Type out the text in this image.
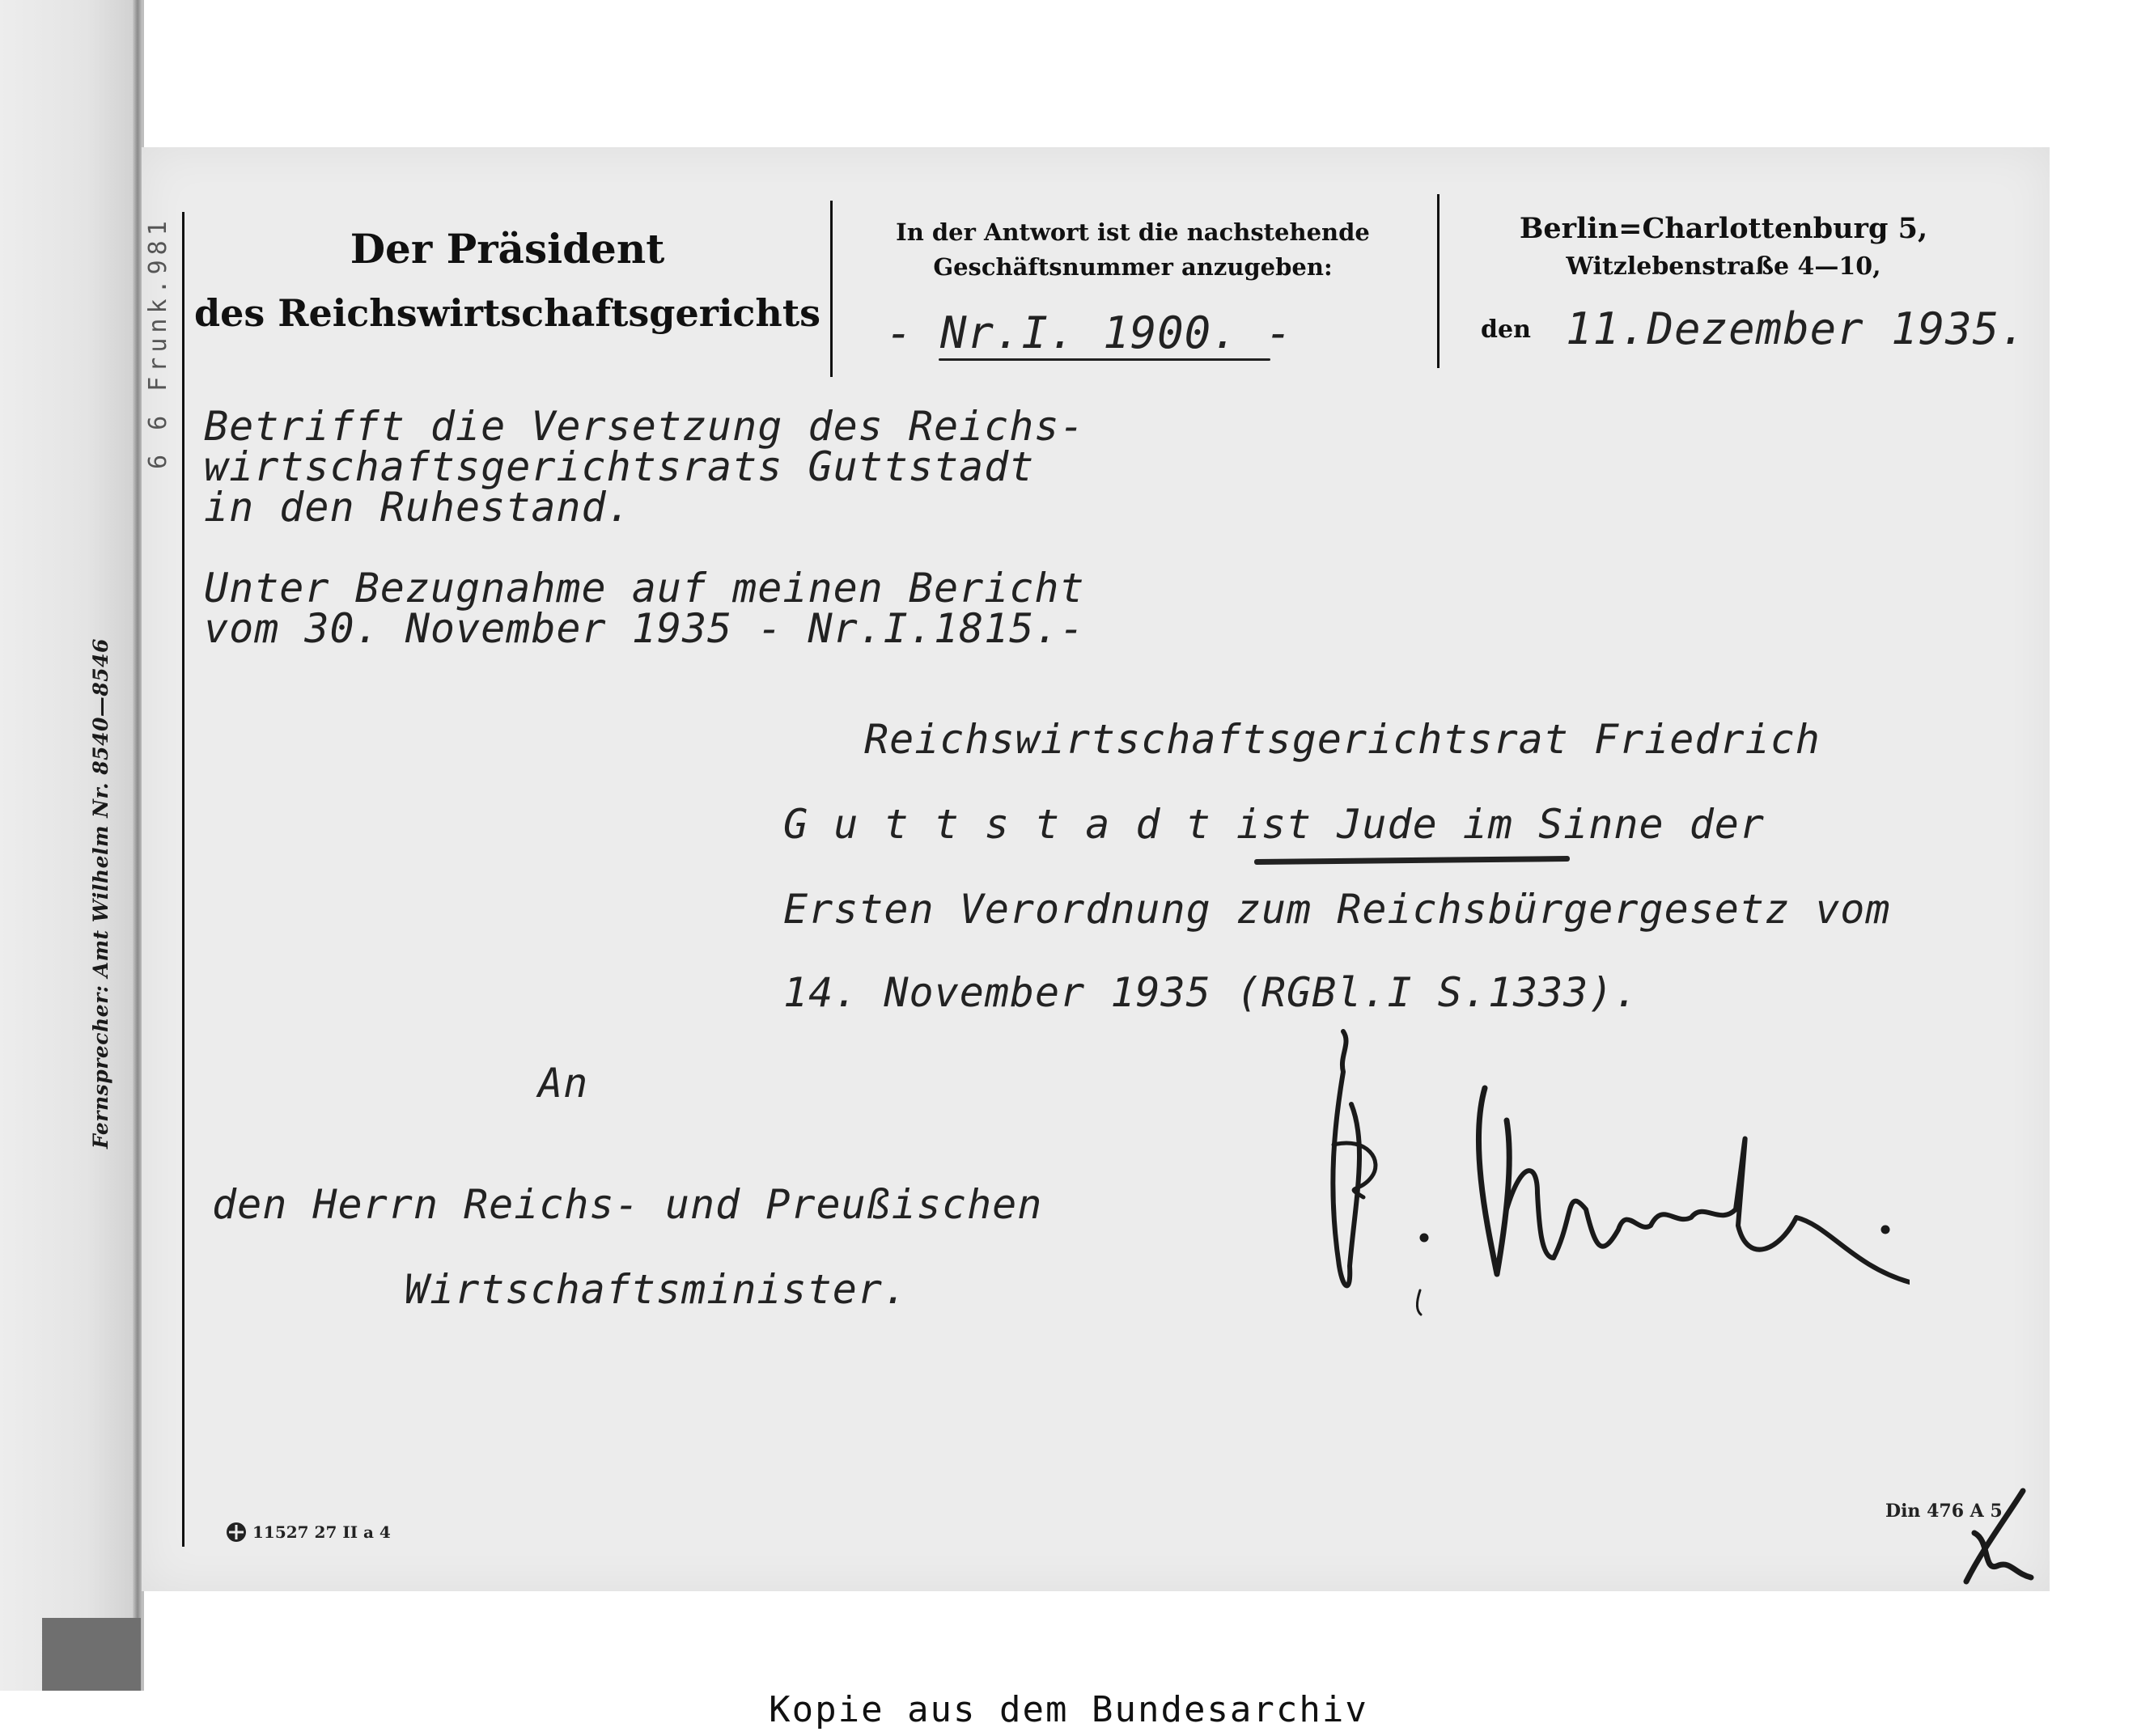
Fernsprecher: Amt Wilhelm Nr. 8540—8546
6 6 Frunk.981	Der Präsident
des Reichswirtschaftsgerichts
In der Antwort ist die nachstehende
Geschäftsnummer anzugeben:
- Nr.I. 1900. -
Berlin=Charlottenburg 5,
Witzlebenstraße 4—10,
den 11.Dezember 1935.
Betrifft die Versetzung des Reichs-
wirtschaftsgerichtsrats Guttstadt
in den Ruhestand.
Unter Bezugnahme auf meinen Bericht
vom 30. November 1935 - Nr.I.1815.-
Reichswirtschaftsgerichtsrat Friedrich
G u t t s t a d t ist Jude im Sinne der
Ersten Verordnung zum Reichsbürgergesetz vom
14. November 1935 (RGBl.I S.1333).
An
den Herrn Reichs- und Preußischen
Wirtschaftsminister.
11527 27 II a 4
Din 476 A 5
Kopie aus dem Bundesarchiv
